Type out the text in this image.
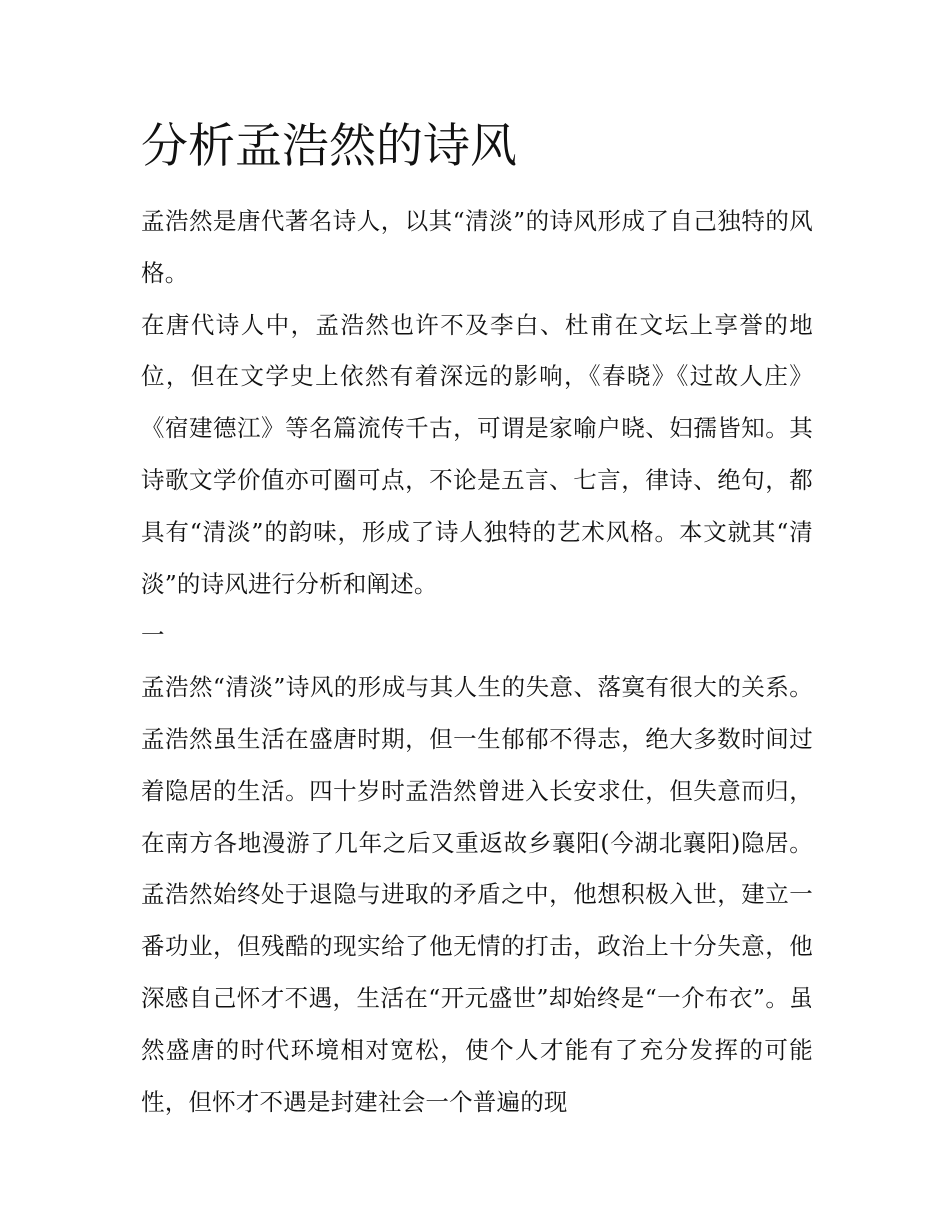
分析孟浩然的诗风

孟浩然是唐代著名诗人，以其“清淡”的诗风形成了自己独特的风格。

在唐代诗人中，孟浩然也许不及李白、杜甫在文坛上享誉的地位，但在文学史上依然有着深远的影响，《春晓》《过故人庄》《宿建德江》等名篇流传千古，可谓是家喻户晓、妇孺皆知。其诗歌文学价值亦可圈可点，不论是五言、七言，律诗、绝句，都具有“清淡”的韵味，形成了诗人独特的艺术风格。本文就其“清淡”的诗风进行分析和阐述。

一

孟浩然“清淡”诗风的形成与其人生的失意、落寞有很大的关系。孟浩然虽生活在盛唐时期，但一生郁郁不得志，绝大多数时间过着隐居的生活。四十岁时孟浩然曾进入长安求仕，但失意而归，在南方各地漫游了几年之后又重返故乡襄阳(今湖北襄阳)隐居。孟浩然始终处于退隐与进取的矛盾之中，他想积极入世，建立一番功业，但残酷的现实给了他无情的打击，政治上十分失意，他深感自己怀才不遇，生活在“开元盛世”却始终是“一介布衣”。虽然盛唐的时代环境相对宽松，使个人才能有了充分发挥的可能性，但怀才不遇是封建社会一个普遍的现
